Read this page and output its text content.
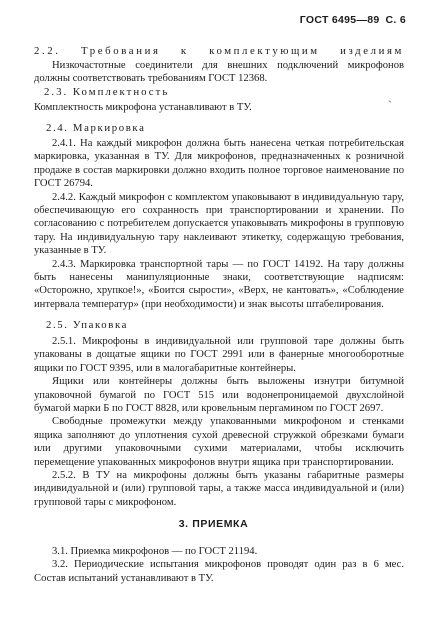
ГОСТ 6495—89 С. 6
2.2. Требования к комплектующим изделиям

Низкочастотные соединители для внешних подключений микрофонов должны соответствовать требованиям ГОСТ 12368.

2.3. Комплектность

Комплектность микрофона устанавливают в ТУ.	ˋ
2.4. Маркировка

2.4.1. На каждый микрофон должна быть нанесена четкая потребительская маркировка, указанная в ТУ. Для микрофонов, предназначенных к розничной продаже в состав маркировки должно входить полное торговое наименование по ГОСТ 26794.

2.4.2. Каждый микрофон с комплектом упаковывают в индивидуальную тару, обеспечивающую его сохранность при транспортировании и хранении. По согласованию с потребителем допускается упаковывать микрофоны в групповую тару. На индивидуальную тару наклеивают этикетку, содержащую требования, указанные в ТУ.

2.4.3. Маркировка транспортной тары — по ГОСТ 14192. На тару должны быть нанесены манипуляционные знаки, соответствующие надписям: «Осторожно, хрупкое!», «Боится сырости», «Верх, не кантовать», «Соблюдение интервала температур» (при необходимости) и знак высоты штабелирования.

2.5. Упаковка

2.5.1. Микрофоны в индивидуальной или групповой таре должны быть упакованы в дощатые ящики по ГОСТ 2991 или в фанерные многооборотные ящики по ГОСТ 9395, или в малогабаритные контейнеры.

Ящики или контейнеры должны быть выложены изнутри битумной упаковочной бумагой по ГОСТ 515 или водонепроницаемой двухслойной бумагой марки Б по ГОСТ 8828, или кровельным пергамином по ГОСТ 2697.

Свободные промежутки между упакованными микрофоном и стенками ящика заполняют до уплотнения сухой древесной стружкой обрезками бумаги или другими упаковочными сухими материалами, чтобы исключить перемещение упакованных микрофонов внутри ящика при транспортировании.

2.5.2. В ТУ на микрофоны должны быть указаны габаритные размеры индивидуальной и (или) групповой тары, а также масса индивидуальной и (или) групповой тары с микрофоном.

3. ПРИЕМКА

3.1. Приемка микрофонов — по ГОСТ 21194.

3.2. Периодические испытания микрофонов проводят один раз в 6 мес. Состав испытаний устанавливают в ТУ.
